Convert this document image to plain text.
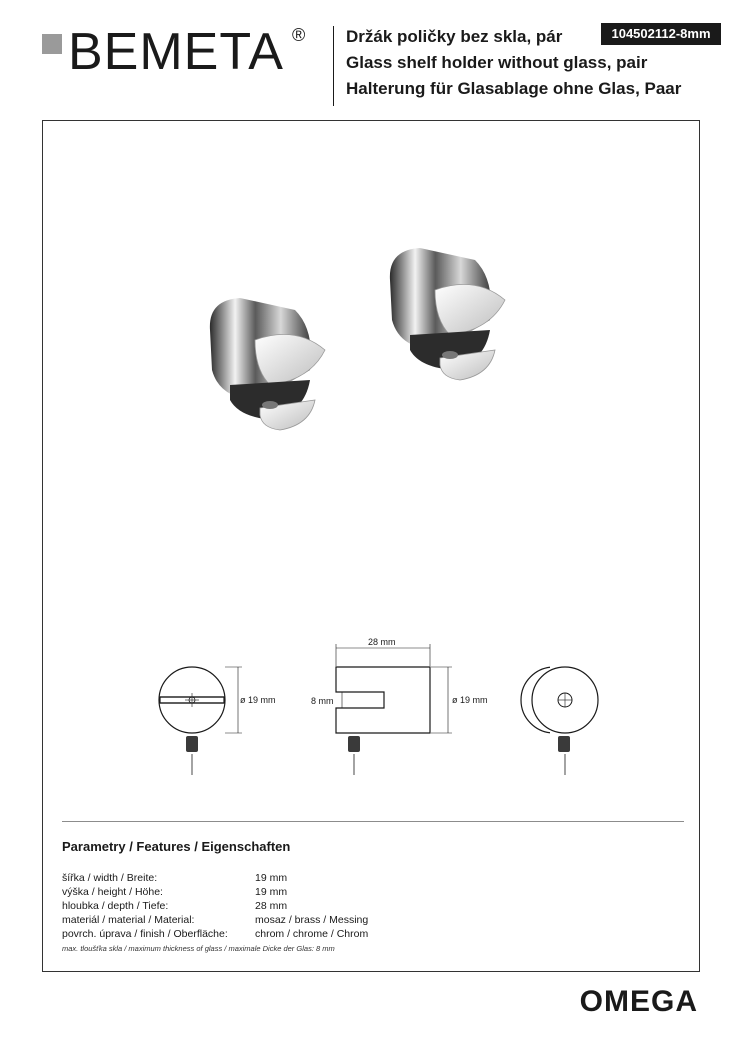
BEMETA ® Držák poličky bez skla, pár
Glass shelf holder without glass, pair
Halterung für Glasablage ohne Glas, Paar
104502112-8mm
ø 19 mm
28 mm
8 mm	ø 19 mm
Parametry / Features / Eigenschaften
šířka / width / Breite:	19 mm
výška / height / Höhe:	19 mm
hloubka / depth / Tiefe:	28 mm
materiál / material / Material:	mosaz / brass / Messing
povrch. úprava / finish / Oberfläche:	chrom / chrome / Chrom
max. tloušťka skla / maximum thickness of glass / maximale Dicke der Glas: 8 mm
OMEGA
